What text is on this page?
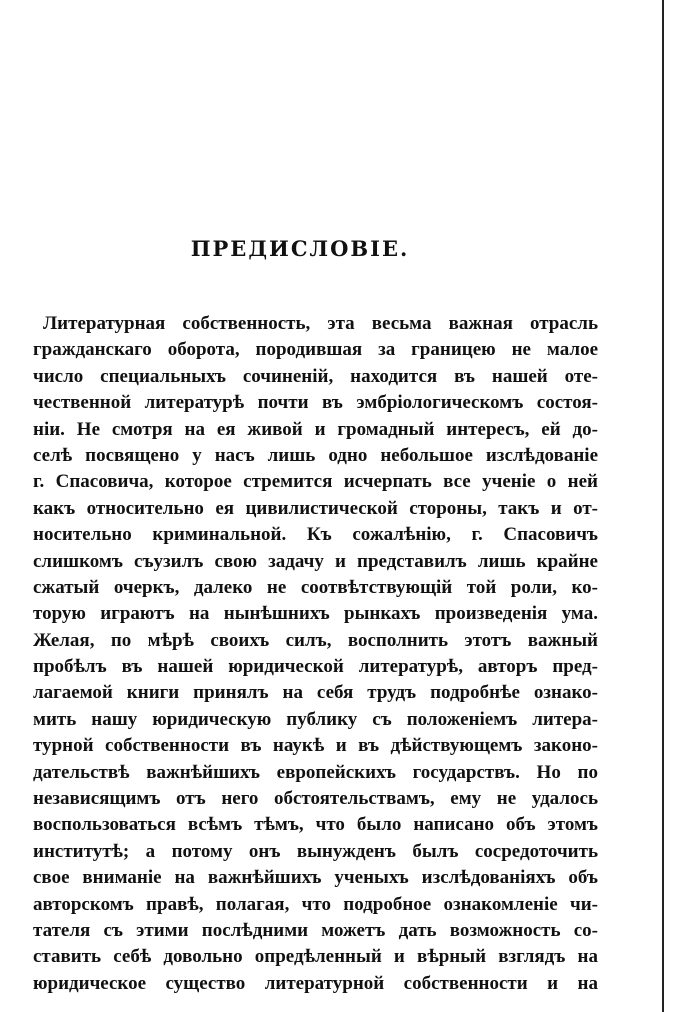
ПРЕДИСЛОВIЕ.
Литературная собственность, эта весьма важная отрасль
гражданскаго оборота, породившая за границею не малое
число специальныхъ сочиненiй, находится въ нашей оте-
чественной литературѣ почти въ эмбрiологическомъ состоя-
нiи. Не смотря на ея живой и громадный интересъ, ей до-
селѣ посвящено у насъ лишь одно небольшое изслѣдованiе
г. Спасовича, которое стремится исчерпать все ученiе о ней
какъ относительно ея цивилистической стороны, такъ и от-
носительно криминальной. Къ сожалѣнiю, г. Спасовичъ
слишкомъ съузилъ свою задачу и представилъ лишь крайне
сжатый очеркъ, далеко не соотвѣтствующiй той роли, ко-
торую играютъ на нынѣшнихъ рынкахъ произведенiя ума.
Желая, по мѣрѣ своихъ силъ, восполнить этотъ важный
пробѣлъ въ нашей юридической литературѣ, авторъ пред-
лагаемой книги принялъ на себя трудъ подробнѣе ознако-
мить нашу юридическую публику съ положенiемъ литера-
турной собственности въ наукѣ и въ дѣйствующемъ законо-
дательствѣ важнѣйшихъ европейскихъ государствъ. Но по
независящимъ отъ него обстоятельствамъ, ему не удалось
воспользоваться всѣмъ тѣмъ, что было написано объ этомъ
институтѣ; а потому онъ вынужденъ былъ сосредоточить
свое вниманiе на важнѣйшихъ ученыхъ изслѣдованiяхъ объ
авторскомъ правѣ, полагая, что подробное ознакомленiе чи-
тателя съ этими послѣдними можетъ дать возможность со-
ставить себѣ довольно опредѣленный и вѣрный взглядъ на
юридическое существо литературной собственности и на
